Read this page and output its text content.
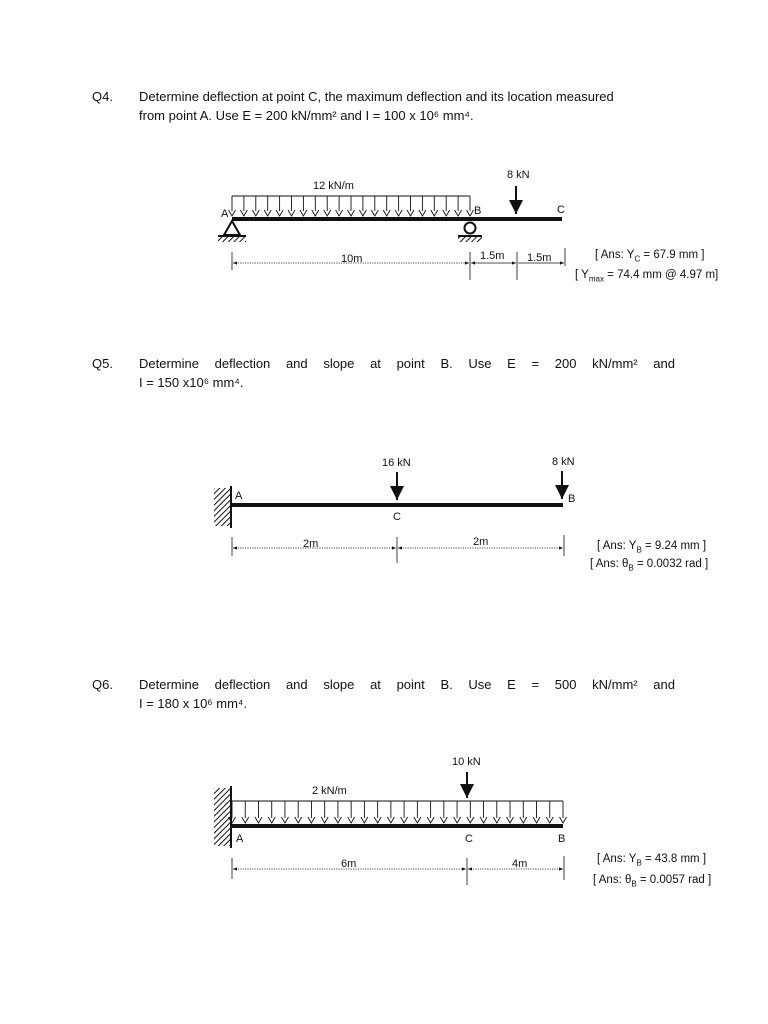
Q4. Determine deflection at point C, the maximum deflection and its location measured
from point A. Use E = 200 kN/mm² and I = 100 x 10⁶ mm⁴.
Q5. Determine deflection and slope at point B. Use E = 200 kN/mm² and
I = 150 x10⁶ mm⁴.
Q6. Determine deflection and slope at point B. Use E = 500 kN/mm² and
I = 180 x 10⁶ mm⁴.
[ Ans: $Y_C = 67.9$ mm ]
[ $Y_{max} = 74.4$ mm @ 4.97 m]
[ Ans: $Y_B = 9.24$ mm ]
[ Ans: $\theta_B = 0.0032$ rad ]
[ Ans: $Y_B = 43.8$ mm ]
[ Ans: $\theta_B = 0.0057$ rad ]
12 kN/m
8 kN
A	B	C
10m	1.5m 1.5m
A
C
B
16 kN	8 kN
2m	2m
2 kN/m
A	C	B
10 kN
6m	4m
